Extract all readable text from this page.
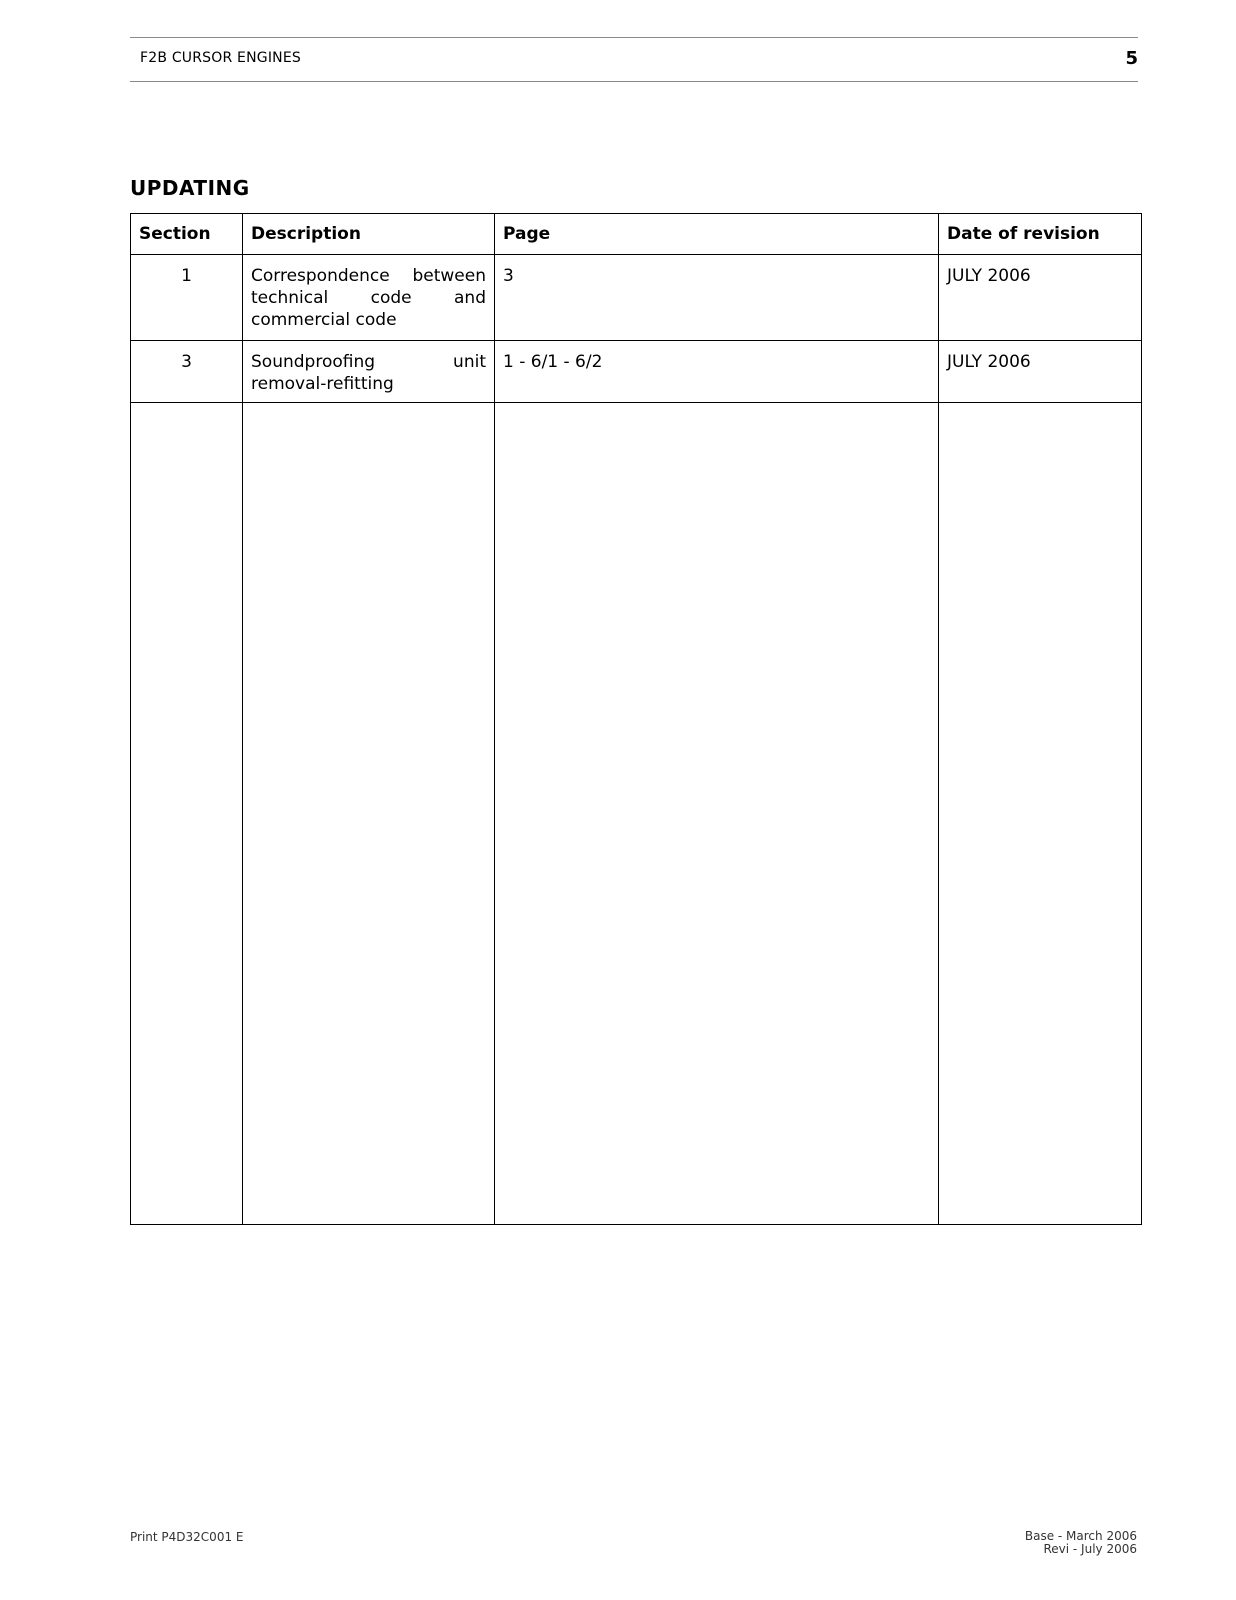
F2B CURSOR ENGINES	5
UPDATING
Section	Description	Page	Date of revision
1	Correspondence between technical code and commercial code	3	JULY 2006
3	Soundproofing unit removal-refitting	1 - 6/1 - 6/2	JULY 2006

Print P4D32C001 E	Base - March 2006
Revi - July 2006
